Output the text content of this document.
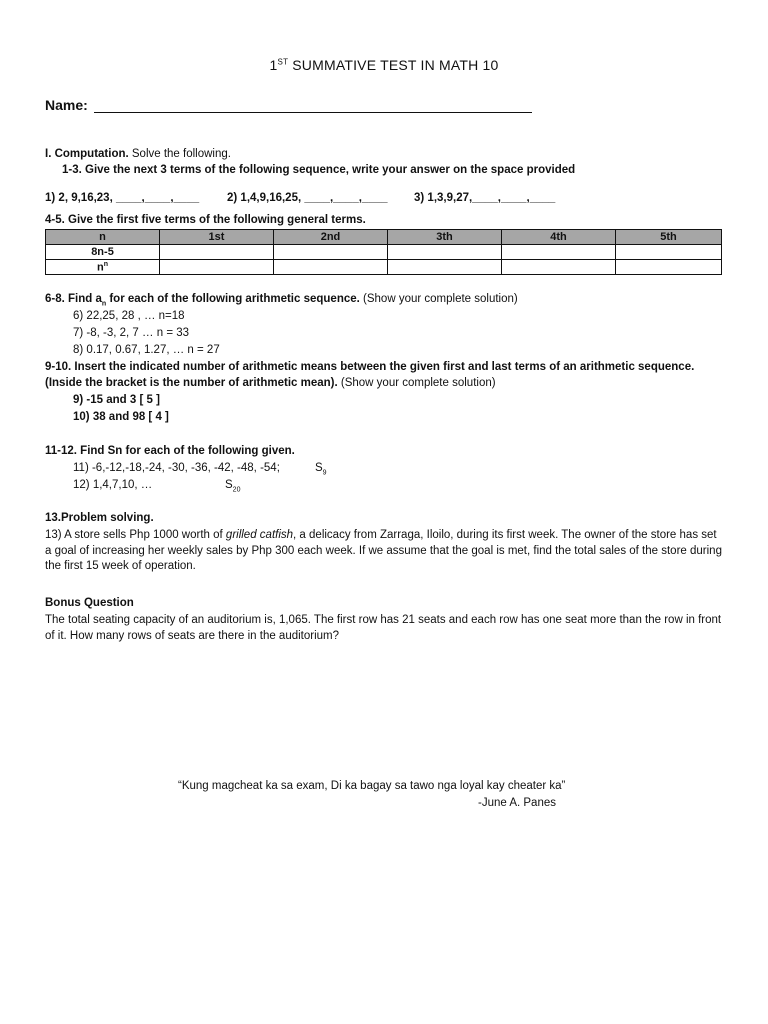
1ST SUMMATIVE TEST IN MATH 10
Name:
I. Computation. Solve the following.
1-3. Give the next 3 terms of the following sequence, write your answer on the space provided
1) 2, 9,16,23, ____,____,____ 2) 1,4,9,16,25, ____,____,____ 3) 1,3,9,27,____,____,____
4-5. Give the first five terms of the following general terms.
n	1st	2nd	3th	4th	5th
8n-5					
$n^n$					
6-8. Find $a_n$ for each of the following arithmetic sequence. (Show your complete solution)
6) 22,25, 28 , … n=18
7) -8, -3, 2, 7 … n = 33
8) 0.17, 0.67, 1.27, … n = 27
9-10. Insert the indicated number of arithmetic means between the given first and last terms of an arithmetic sequence. (Inside the bracket is the number of arithmetic mean). (Show your complete solution)
9) -15 and 3 [ 5 ]
10) 38 and 98 [ 4 ]
11-12. Find Sn for each of the following given.
11) -6,-12,-18,-24, -30, -36, -42, -48, -54;	$S_9$
12) 1,4,7,10, …	$S_{20}$
13.Problem solving.
13) A store sells Php 1000 worth of grilled catfish, a delicacy from Zarraga, Iloilo, during its first week. The owner of the store has set a goal of increasing her weekly sales by Php 300 each week. If we assume that the goal is met, find the total sales of the store during the first 15 week of operation.
Bonus Question
The total seating capacity of an auditorium is, 1,065. The first row has 21 seats and each row has one seat more than the row in front of it. How many rows of seats are there in the auditorium?
“Kung magcheat ka sa exam, Di ka bagay sa tawo nga loyal kay cheater ka”
-June A. Panes
